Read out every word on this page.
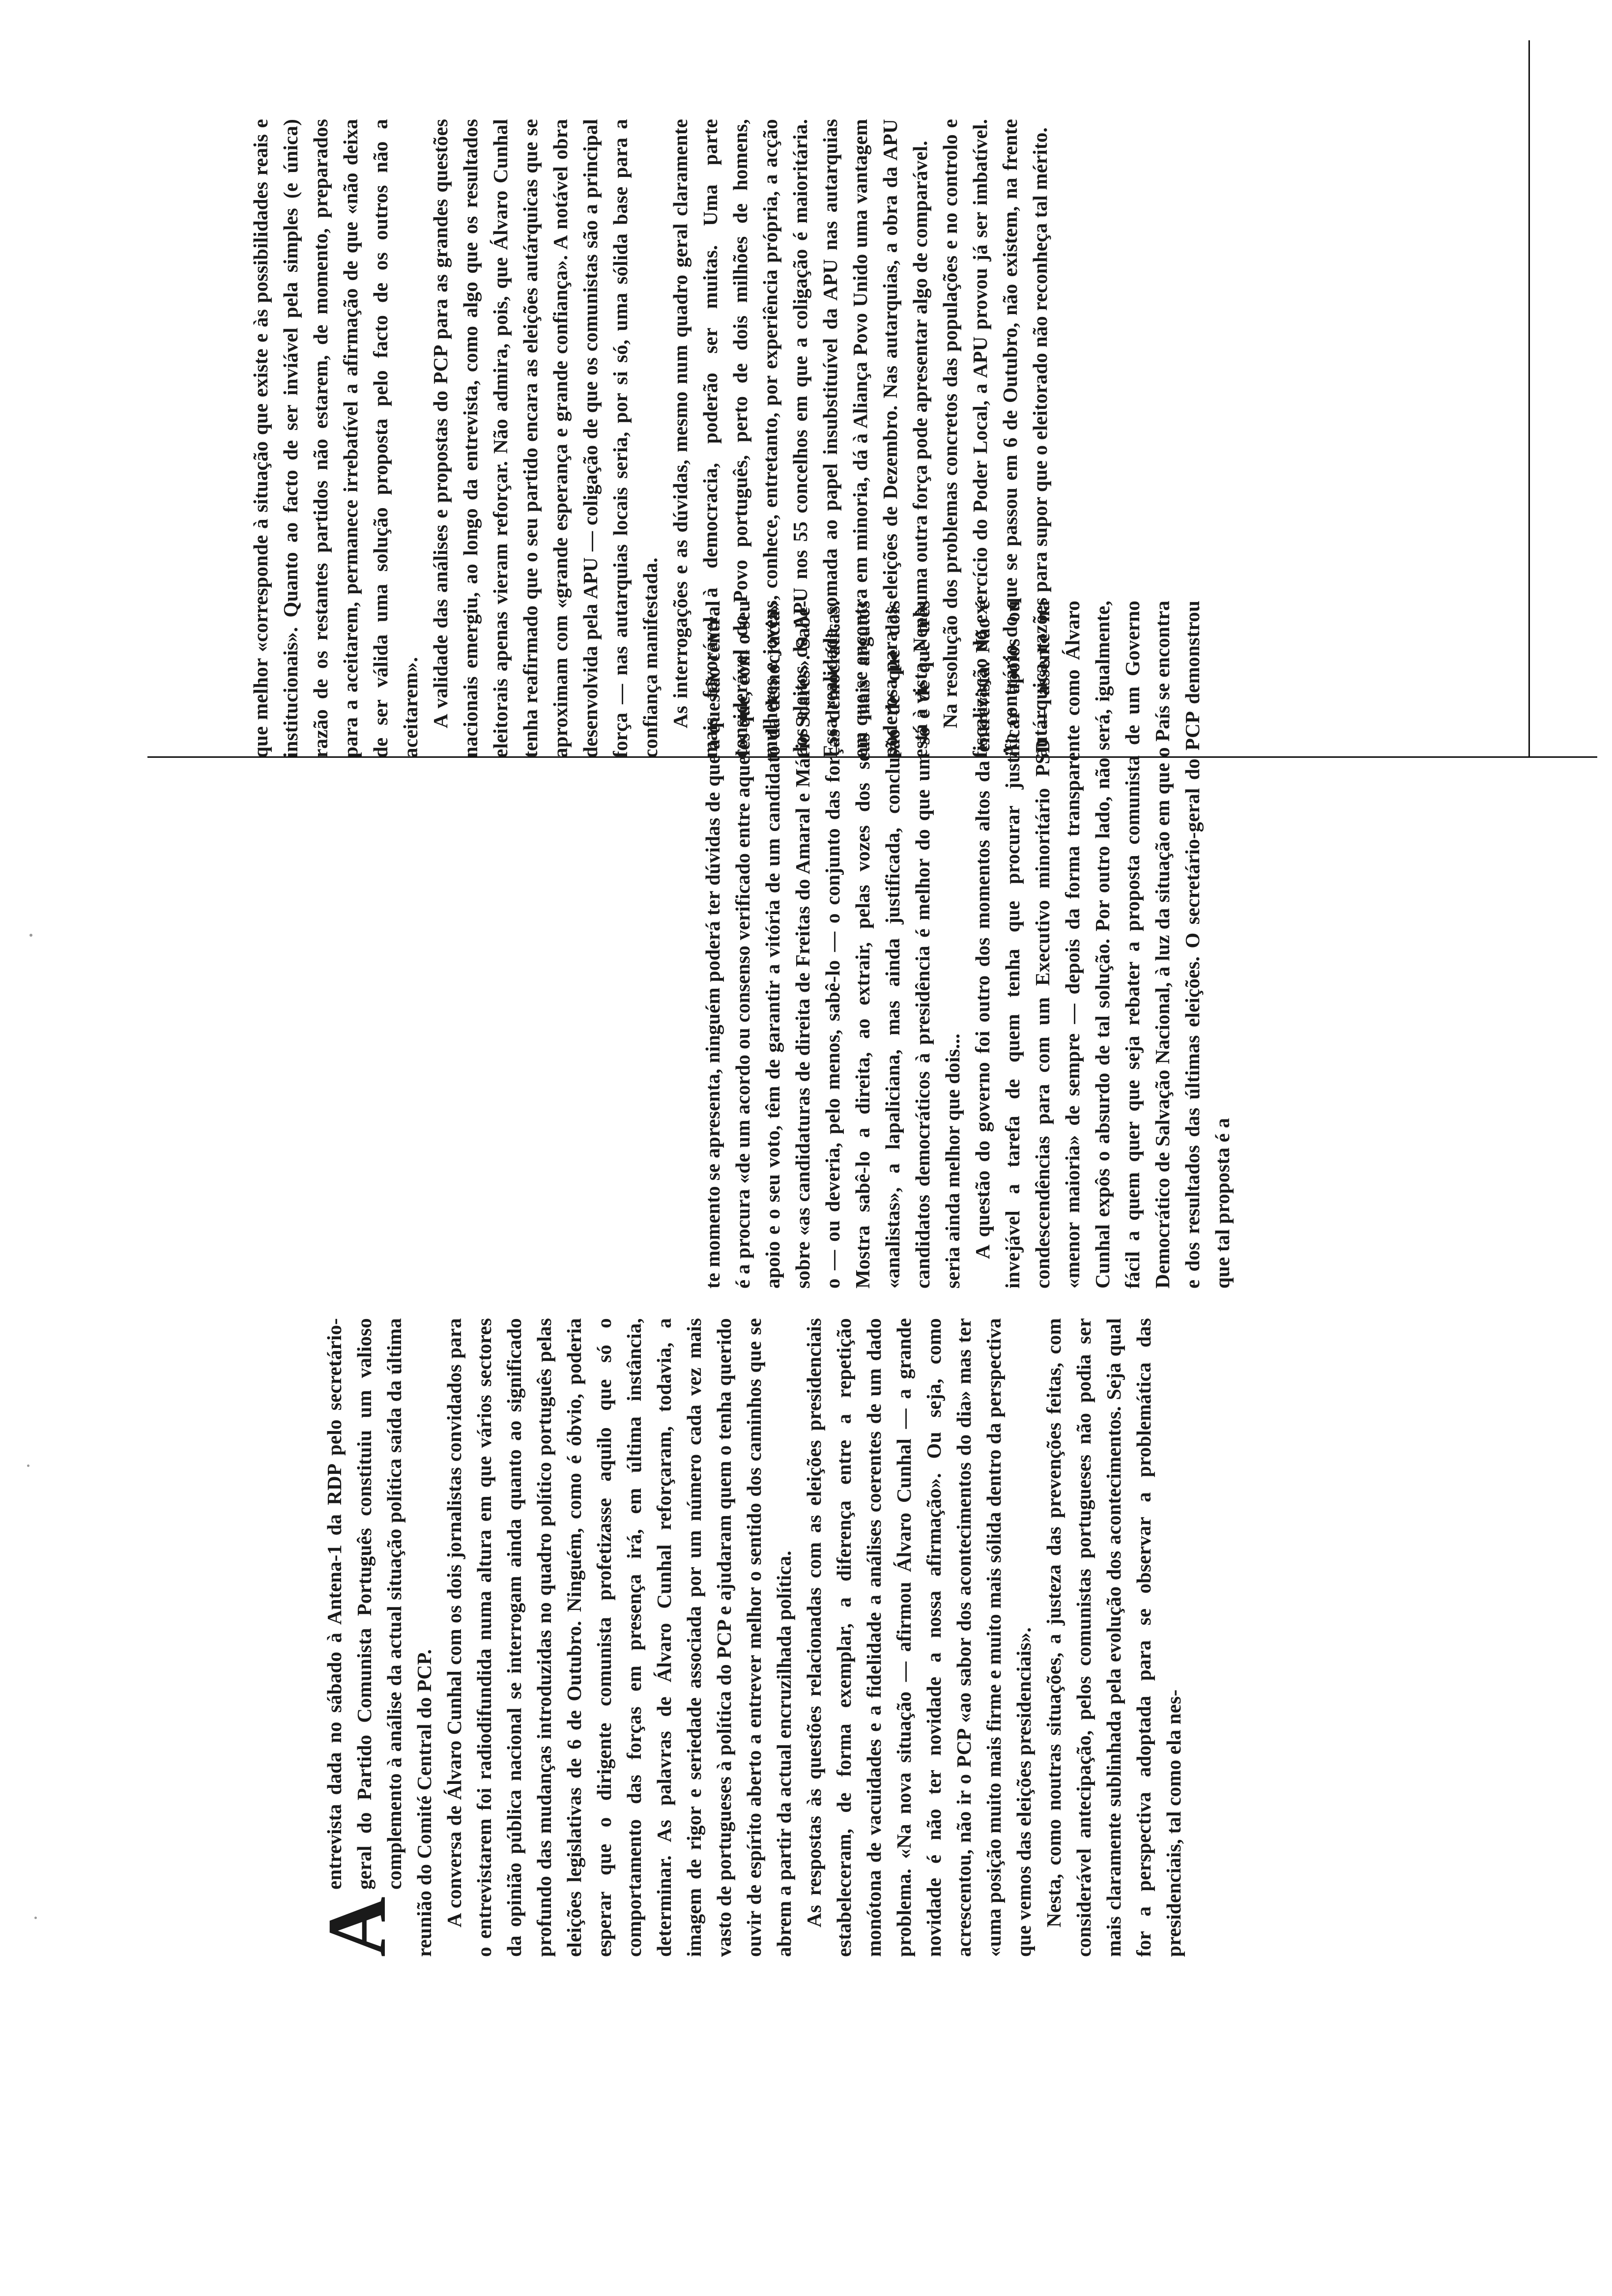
A
entrevista dada no sábado à Antena-1 da RDP pelo secretário-geral do Partido Comunista Português constituiu um valioso complemento à análise da actual situação política saída da última reunião do Comité Central do PCP. A conversa de Álvaro Cunhal com os dois jornalistas convidados para o entrevistarem foi radiodifundida numa altura em que vários sectores da opinião pública nacional se interrogam ainda quanto ao significado profundo das mudanças introduzidas no quadro político português pelas eleições legislativas de 6 de Outubro. Ninguém, como é óbvio, poderia esperar que o dirigente comunista profetizasse aquilo que só o comportamento das forças em presença irá, em última instância, determinar. As palavras de Álvaro Cunhal reforçaram, todavia, a imagem de rigor e seriedade associada por um número cada vez mais vasto de portugueses à política do PCP e ajudaram quem o tenha querido ouvir de espírito aberto a entrever melhor o sentido dos caminhos que se abrem a partir da actual encruzilhada política. As respostas às questões relacionadas com as eleições presidenciais estabeleceram, de forma exemplar, a diferença entre a repetição monótona de vacuidades e a fidelidade a análises coerentes de um dado problema. «Na nova situação — afirmou Álvaro Cunhal — a grande novidade é não ter novidade a nossa afirmação». Ou seja, como acrescentou, não ir o PCP «ao sabor dos acontecimentos do dia» mas ter «uma posição muito mais firme e muito mais sólida dentro da perspectiva que vemos das eleições presidenciais». Nesta, como noutras situações, a justeza das prevenções feitas, com considerável antecipação, pelos comunistas portugueses não podia ser mais claramente sublinhada pela evolução dos acontecimentos. Seja qual for a perspectiva adoptada para se observar a problemática das presidenciais, tal como ela nes-

te momento se apresenta, ninguém poderá ter dúvidas de que a questão central é a procura «de um acordo ou consenso verificado entre aqueles que, com o seu apoio e o seu voto, têm de garantir a vitória de um candidato da democracia» sobre «as candidaturas de direita de Freitas do Amaral e Mário Soares». Sabe-o — ou deveria, pelo menos, sabê-lo — o conjunto das forças democráticas. Mostra sabê-lo a direita, ao extrair, pelas vozes dos seus mais argutos «analistas», a lapaliciana, mas ainda justificada, conclusão de que dois candidatos democráticos à presidência é melhor do que um só e de que três seria ainda melhor que dois... A questão do governo foi outro dos momentos altos da entrevista. Não é invejável a tarefa de quem tenha que procurar justificar apoios ou condescendências para com um Executivo minoritário PSD — assente na «menor maioria» de sempre — depois da forma transparente como Álvaro Cunhal expôs o absurdo de tal solução. Por outro lado, não será, igualmente, fácil a quem quer que seja rebater a proposta comunista de um Governo Democrático de Salvação Nacional, à luz da situação em que o País se encontra e dos resultados das últimas eleições. O secretário-geral do PCP demonstrou que tal proposta é a

que melhor «corresponde à situação que existe e às possibilidades reais e institucionais». Quanto ao facto de ser inviável pela simples (e única) razão de os restantes partidos não estarem, de momento, preparados para a aceitarem, permanece irrebatível a afirmação de que «não deixa de ser válida uma solução proposta pelo facto de os outros não a aceitarem». A validade das análises e propostas do PCP para as grandes questões nacionais emergiu, ao longo da entrevista, como algo que os resultados eleitorais apenas vieram reforçar. Não admira, pois, que Álvaro Cunhal tenha reafirmado que o seu partido encara as eleições autárquicas que se aproximam com «grande esperança e grande confiança». A notável obra desenvolvida pela APU — coligação de que os comunistas são a principal força — nas autarquias locais seria, por si só, uma sólida base para a confiança manifestada. As interrogações e as dúvidas, mesmo num quadro geral claramente mais favorável à democracia, poderão ser muitas. Uma parte considerável do Povo português, perto de dois milhões de homens, mulheres e jovens, conhece, entretanto, por experiência própria, a acção dos eleitos da APU nos 55 concelhos em que a coligação é maioritária. Essa realidade, somada ao papel insubstituível da APU nas autarquias em que se encontra em minoria, dá à Aliança Povo Unido uma vantagem poderosa para as eleições de Dezembro. Nas autarquias, a obra da APU está à vista. Nenhuma outra força pode apresentar algo de comparável. Na resolução dos problemas concretos das populações e no controlo e fiscalização do exercício do Poder Local, a APU provou já ser imbatível. Ao contrário do que se passou em 6 de Outubro, não existem, na frente autárquica, razões para supor que o eleitorado não reconheça tal mérito.
